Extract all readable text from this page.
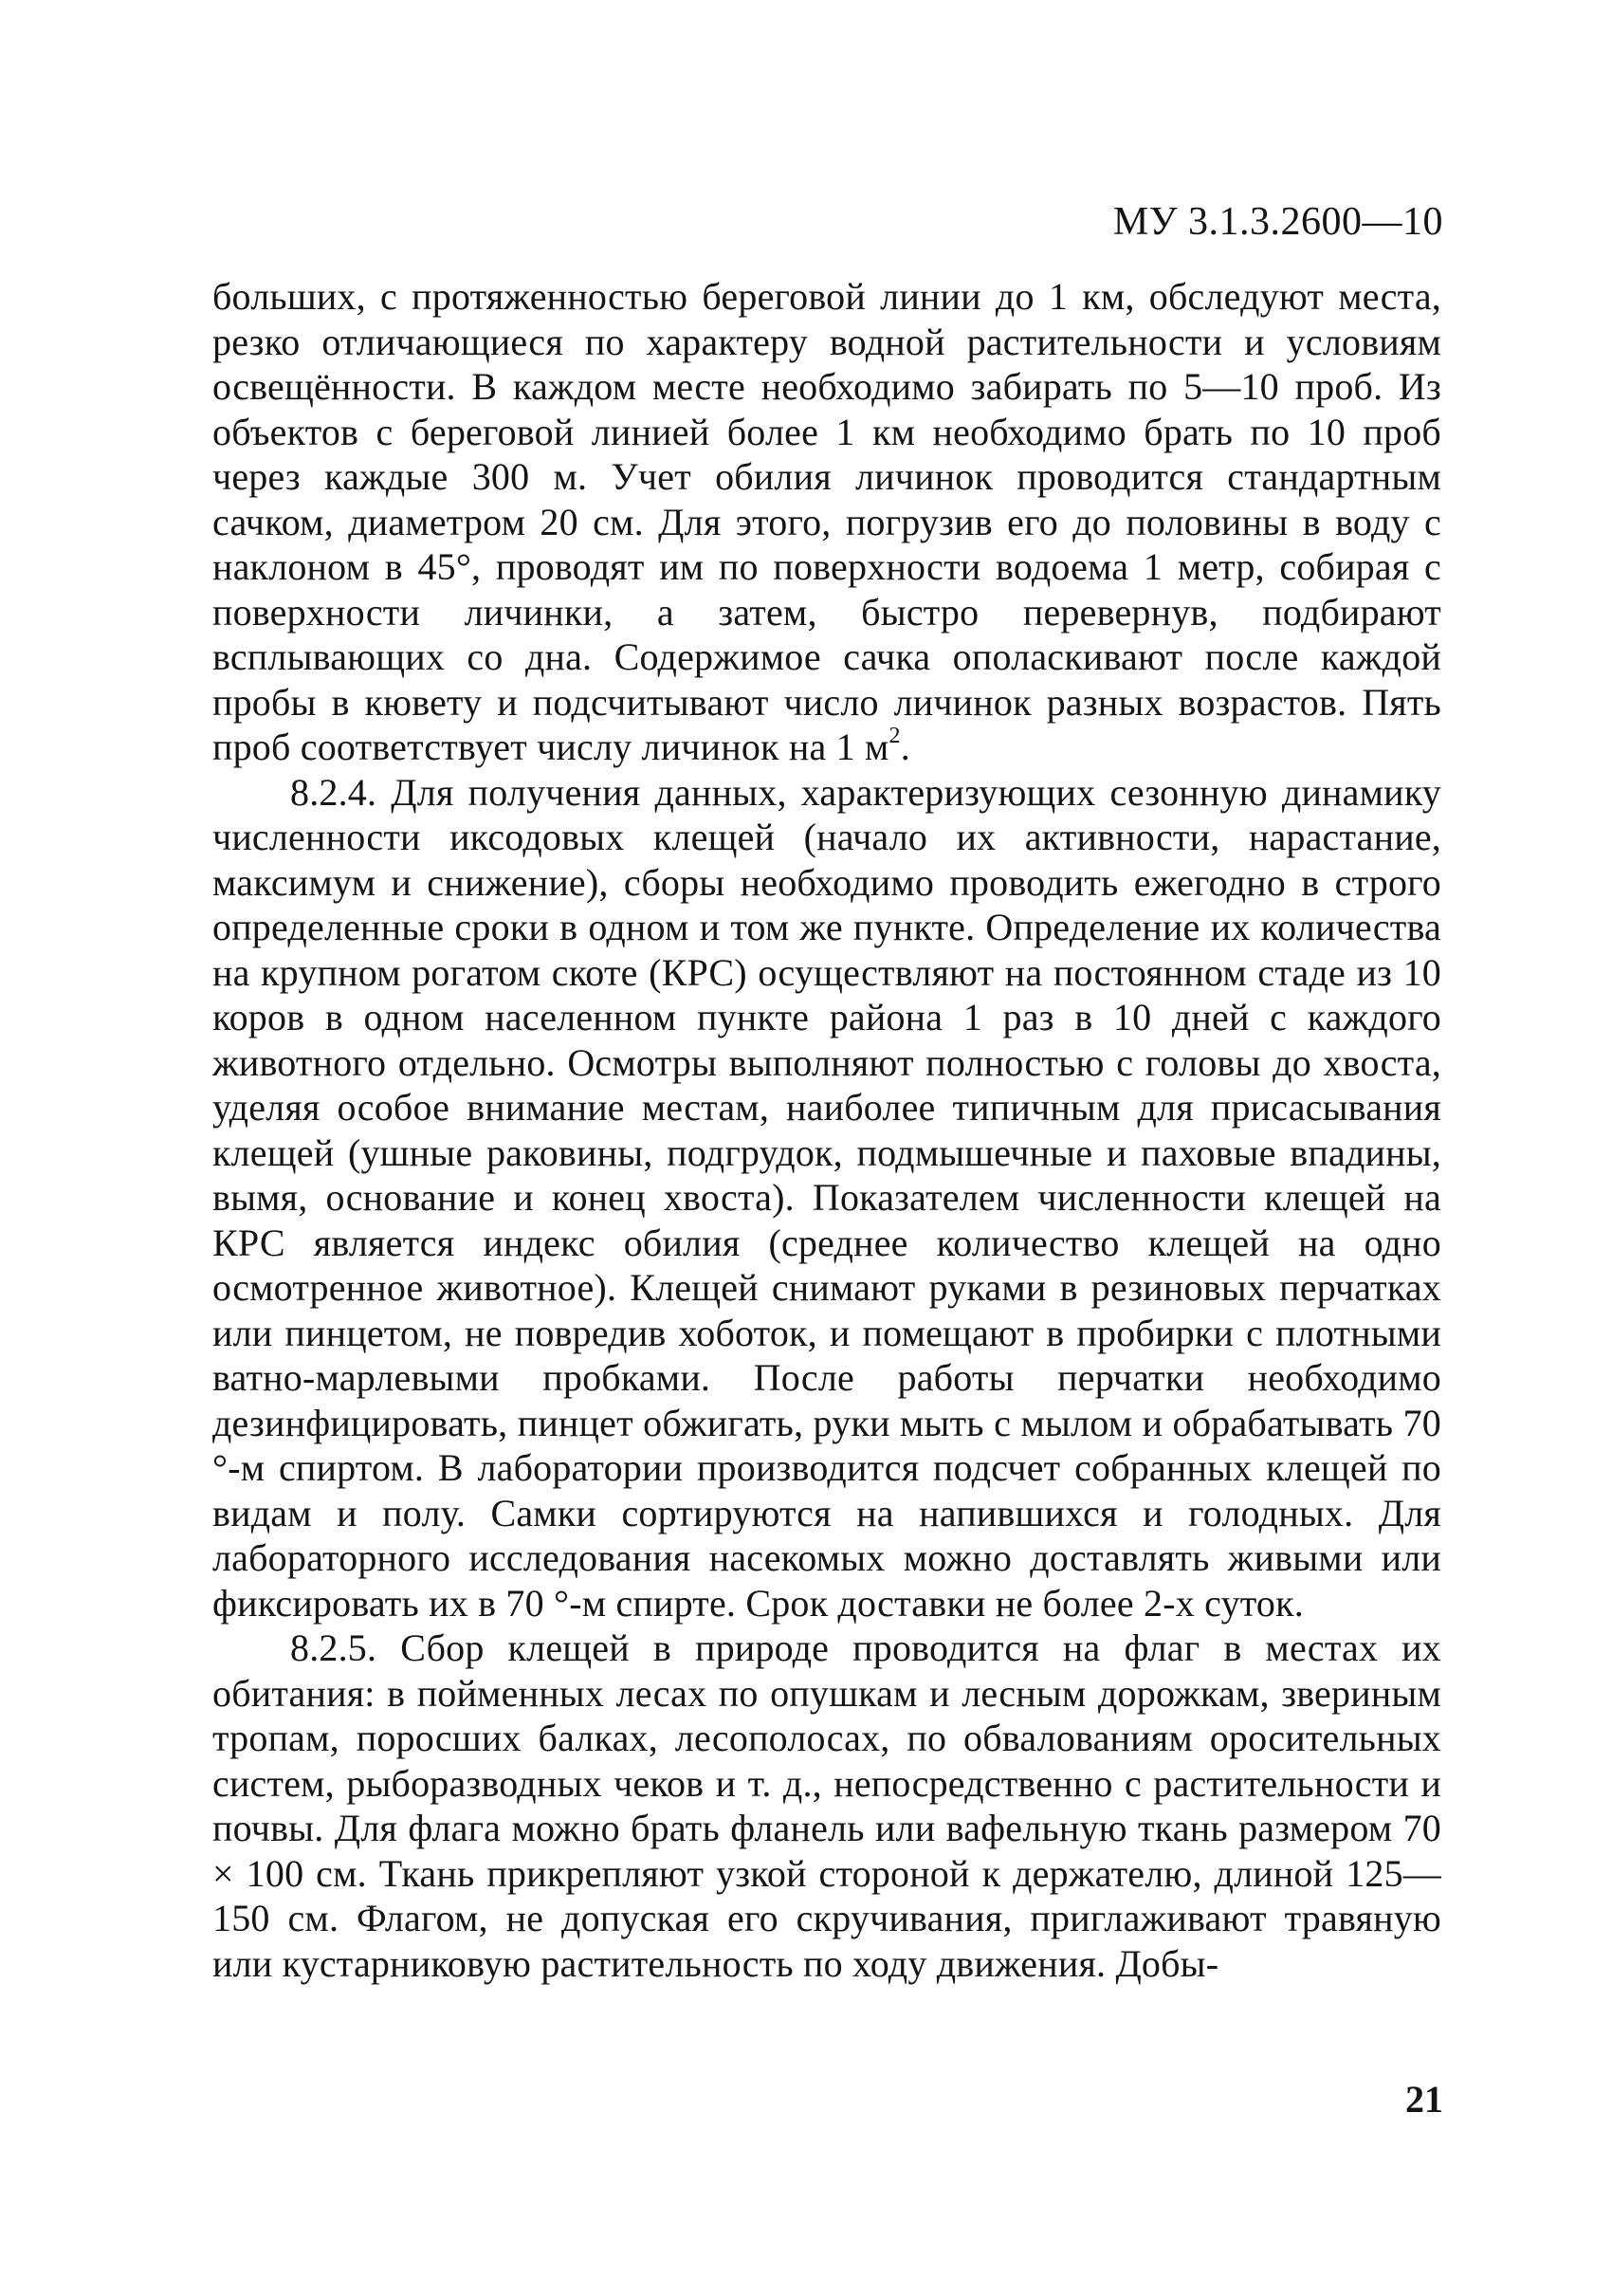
МУ 3.1.3.2600—10

больших, с протяженностью береговой линии до 1 км, обследуют места, резко отличающиеся по характеру водной растительности и условиям освещённости. В каждом месте необходимо забирать по 5—10 проб. Из объектов с береговой линией более 1 км необходимо брать по 10 проб через каждые 300 м. Учет обилия личинок проводится стандартным сачком, диаметром 20 см. Для этого, погрузив его до половины в воду с наклоном в 45°, проводят им по поверхности водоема 1 метр, собирая с поверхности личинки, а затем, быстро перевернув, подбирают всплывающих со дна. Содержимое сачка ополаскивают после каждой пробы в кювету и подсчитывают число личинок разных возрастов. Пять проб соответствует числу личинок на 1 $м^2$.

8.2.4. Для получения данных, характеризующих сезонную динамику численности иксодовых клещей (начало их активности, нарастание, максимум и снижение), сборы необходимо проводить ежегодно в строго определенные сроки в одном и том же пункте. Определение их количества на крупном рогатом скоте (КРС) осуществляют на постоянном стаде из 10 коров в одном населенном пункте района 1 раз в 10 дней с каждого животного отдельно. Осмотры выполняют полностью с головы до хвоста, уделяя особое внимание местам, наиболее типичным для присасывания клещей (ушные раковины, подгрудок, подмышечные и паховые впадины, вымя, основание и конец хвоста). Показателем численности клещей на КРС является индекс обилия (среднее количество клещей на одно осмотренное животное). Клещей снимают руками в резиновых перчатках или пинцетом, не повредив хоботок, и помещают в пробирки с плотными ватно-марлевыми пробками. После работы перчатки необходимо дезинфицировать, пинцет обжигать, руки мыть с мылом и обрабатывать 70 °-м спиртом. В лаборатории производится подсчет собранных клещей по видам и полу. Самки сортируются на напившихся и голодных. Для лабораторного исследования насекомых можно доставлять живыми или фиксировать их в 70 °-м спирте. Срок доставки не более 2-х суток.

8.2.5. Сбор клещей в природе проводится на флаг в местах их обитания: в пойменных лесах по опушкам и лесным дорожкам, звериным тропам, поросших балках, лесополосах, по обвалованиям оросительных систем, рыборазводных чеков и т. д., непосредственно с растительности и почвы. Для флага можно брать фланель или вафельную ткань размером 70 × 100 см. Ткань прикрепляют узкой стороной к держателю, длиной 125—150 см. Флагом, не допуская его скручивания, приглаживают травяную или кустарниковую растительность по ходу движения. Добы-

21
